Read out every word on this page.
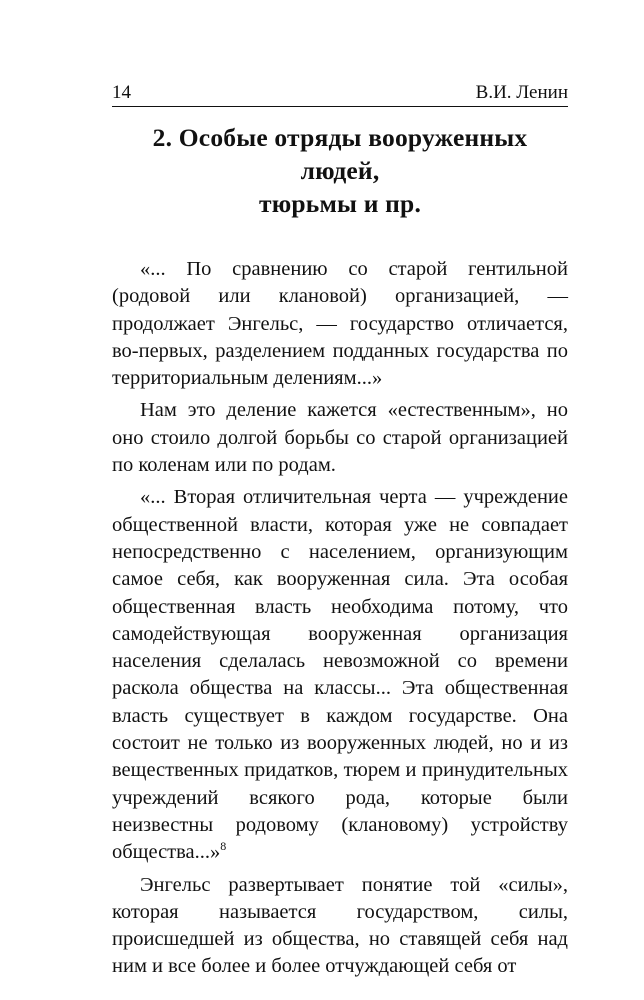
14	В.И. Ленин
2. Особые отряды вооруженных людей,
тюрьмы и пр.

«... По сравнению со старой гентильной (родовой или клановой) организацией, — продолжает Энгельс, — государство отличается, во-первых, разделением подданных государства по территориальным делениям...»

Нам это деление кажется «естественным», но оно стоило долгой борьбы со старой организацией по коленам или по родам.

«... Вторая отличительная черта — учреждение общественной власти, которая уже не совпадает непосредственно с населением, организующим самое себя, как вооруженная сила. Эта особая общественная власть необходима потому, что самодействующая вооруженная организация населения сделалась невозможной со времени раскола общества на классы... Эта общественная власть существует в каждом государстве. Она состоит не только из вооруженных людей, но и из вещественных придатков, тюрем и принудительных учреждений всякого рода, которые были неизвестны родовому (клановому) устройству общества...»$^8$

Энгельс развертывает понятие той «силы», которая называется государством, силы, происшедшей из общества, но ставящей себя над ним и все более и более отчуждающей себя от
